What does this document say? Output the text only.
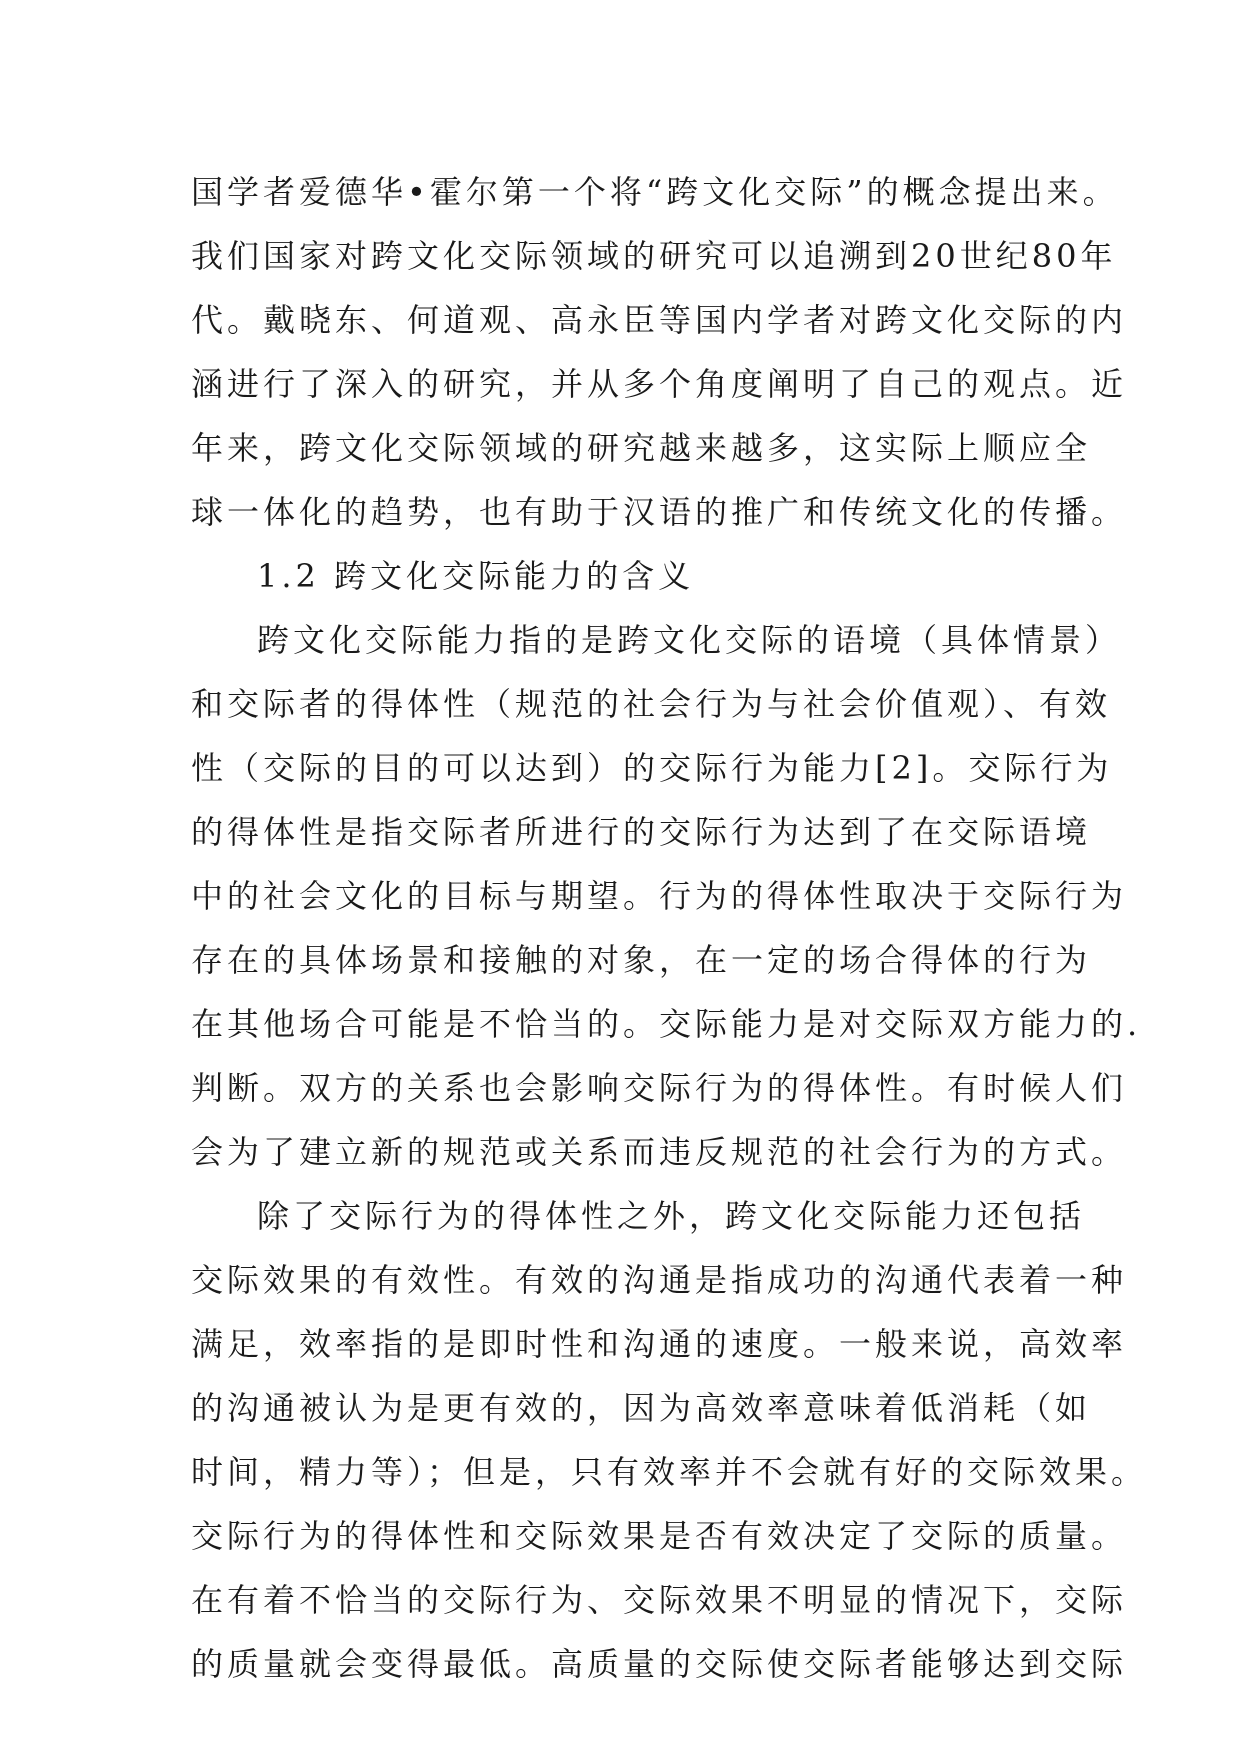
国学者爱德华•霍尔第一个将“跨文化交际”的概念提出来。
我们国家对跨文化交际领域的研究可以追溯到20世纪80年
代。戴晓东、何道观、高永臣等国内学者对跨文化交际的内
涵进行了深入的研究，并从多个角度阐明了自己的观点。近
年来，跨文化交际领域的研究越来越多，这实际上顺应全
球一体化的趋势，也有助于汉语的推广和传统文化的传播。
1.2 跨文化交际能力的含义
跨文化交际能力指的是跨文化交际的语境（具体情景）
和交际者的得体性（规范的社会行为与社会价值观）、有效
性（交际的目的可以达到）的交际行为能力[2]。交际行为
的得体性是指交际者所进行的交际行为达到了在交际语境
中的社会文化的目标与期望。行为的得体性取决于交际行为
存在的具体场景和接触的对象，在一定的场合得体的行为
在其他场合可能是不恰当的。交际能力是对交际双方能力的.
判断。双方的关系也会影响交际行为的得体性。有时候人们
会为了建立新的规范或关系而违反规范的社会行为的方式。
除了交际行为的得体性之外，跨文化交际能力还包括
交际效果的有效性。有效的沟通是指成功的沟通代表着一种
满足，效率指的是即时性和沟通的速度。一般来说，高效率
的沟通被认为是更有效的，因为高效率意味着低消耗（如
时间，精力等）；但是，只有效率并不会就有好的交际效果。
交际行为的得体性和交际效果是否有效决定了交际的质量。
在有着不恰当的交际行为、交际效果不明显的情况下，交际
的质量就会变得最低。高质量的交际使交际者能够达到交际
